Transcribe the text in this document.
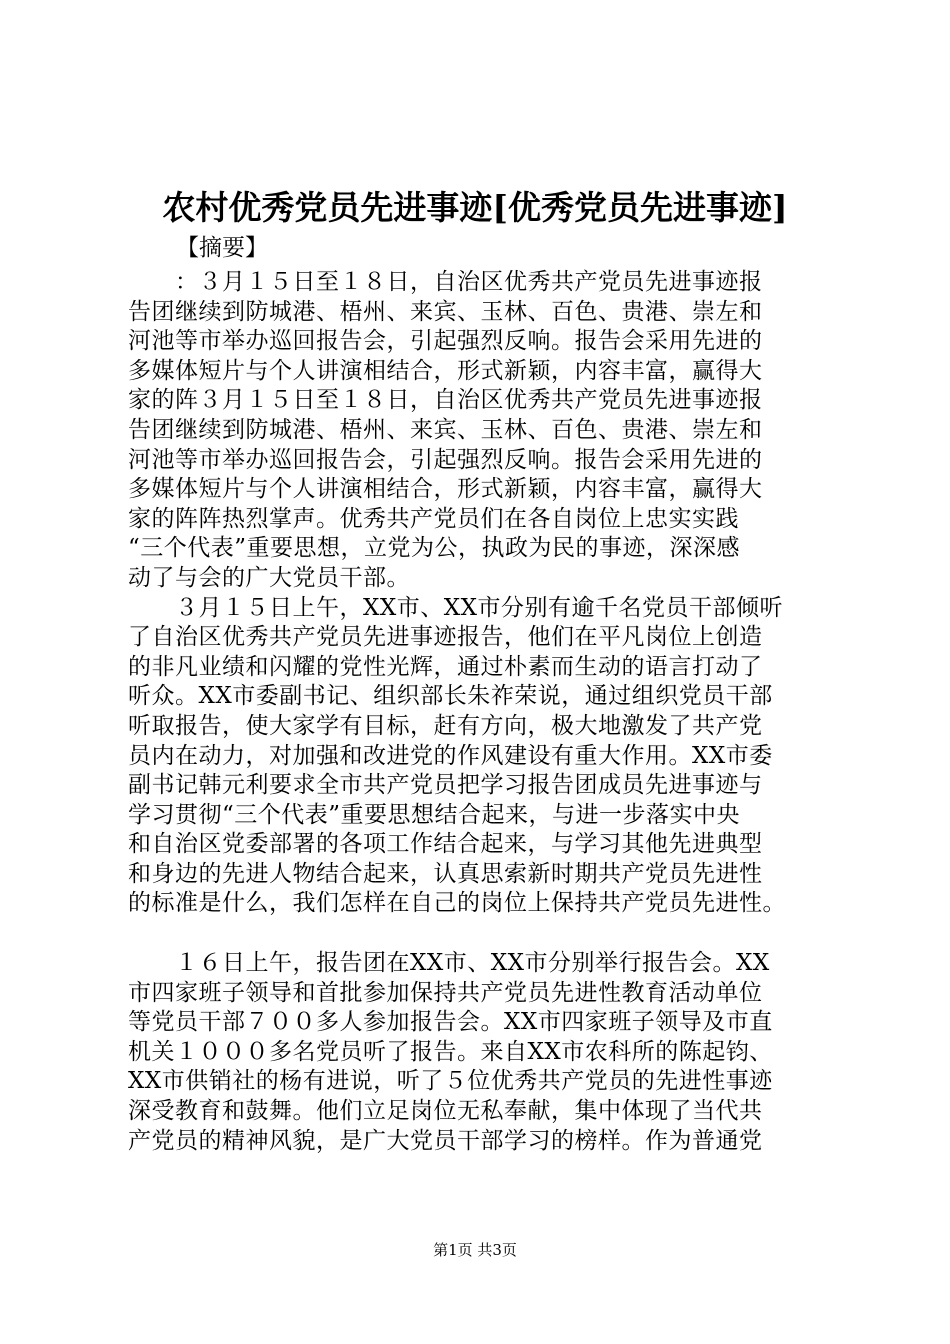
农村优秀党员先进事迹[优秀党员先进事迹]
【摘要】
　　：３月１５日至１８日，自治区优秀共产党员先进事迹报
告团继续到防城港、梧州、来宾、玉林、百色、贵港、崇左和
河池等市举办巡回报告会，引起强烈反响。报告会采用先进的
多媒体短片与个人讲演相结合，形式新颖，内容丰富，赢得大
家的阵３月１５日至１８日，自治区优秀共产党员先进事迹报
告团继续到防城港、梧州、来宾、玉林、百色、贵港、崇左和
河池等市举办巡回报告会，引起强烈反响。报告会采用先进的
多媒体短片与个人讲演相结合，形式新颖，内容丰富，赢得大
家的阵阵热烈掌声。优秀共产党员们在各自岗位上忠实实践
“三个代表”重要思想，立党为公，执政为民的事迹，深深感
动了与会的广大党员干部。
　　３月１５日上午，XX市、XX市分别有逾千名党员干部倾听
了自治区优秀共产党员先进事迹报告，他们在平凡岗位上创造
的非凡业绩和闪耀的党性光辉，通过朴素而生动的语言打动了
听众。XX市委副书记、组织部长朱祚荣说，通过组织党员干部
听取报告，使大家学有目标，赶有方向，极大地激发了共产党
员内在动力，对加强和改进党的作风建设有重大作用。XX市委
副书记韩元利要求全市共产党员把学习报告团成员先进事迹与
学习贯彻“三个代表”重要思想结合起来，与进一步落实中央
和自治区党委部署的各项工作结合起来，与学习其他先进典型
和身边的先进人物结合起来，认真思索新时期共产党员先进性
的标准是什么，我们怎样在自己的岗位上保持共产党员先进性。
　　１６日上午，报告团在XX市、XX市分别举行报告会。XX
市四家班子领导和首批参加保持共产党员先进性教育活动单位
等党员干部７００多人参加报告会。XX市四家班子领导及市直
机关１０００多名党员听了报告。来自XX市农科所的陈起钧、
XX市供销社的杨有进说，听了５位优秀共产党员的先进性事迹
深受教育和鼓舞。他们立足岗位无私奉献，集中体现了当代共
产党员的精神风貌，是广大党员干部学习的榜样。作为普通党
第1页 共3页
